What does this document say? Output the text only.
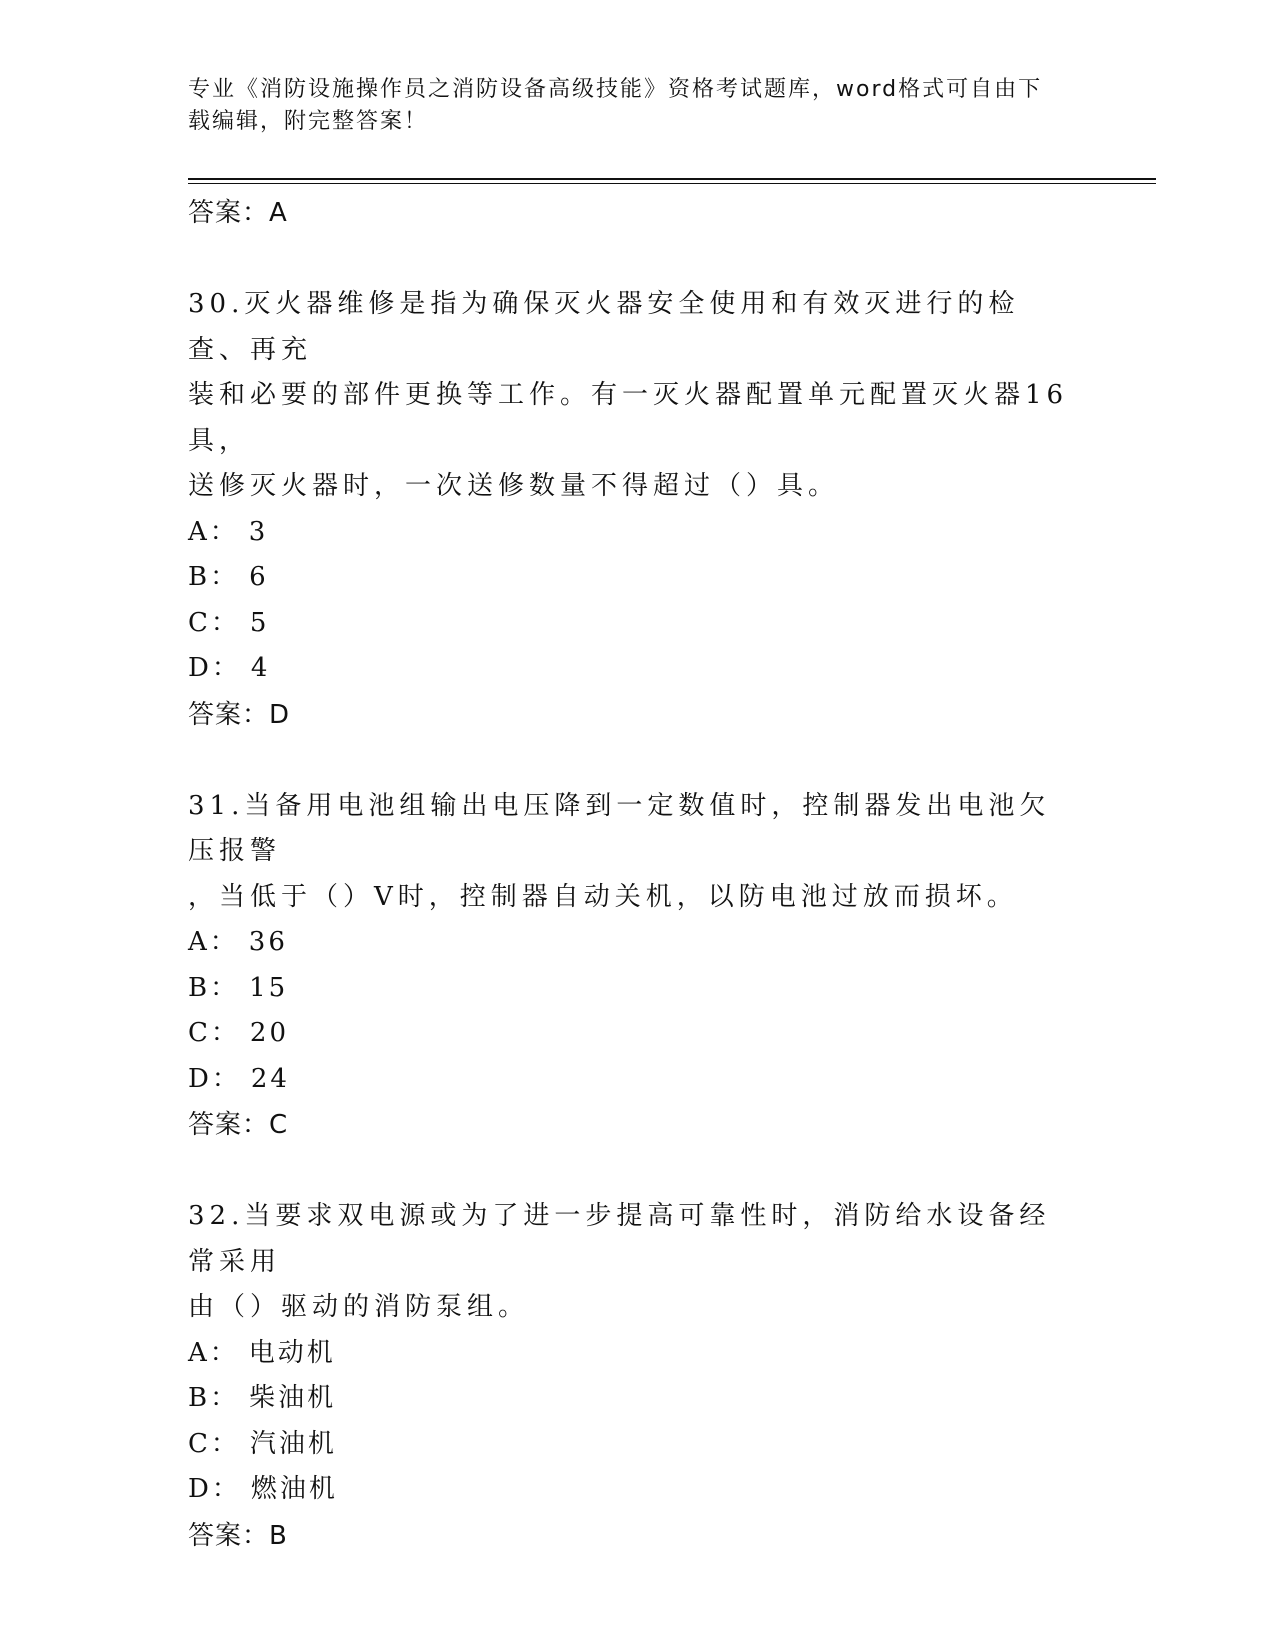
专业《消防设施操作员之消防设备高级技能》资格考试题库，word格式可自由下
载编辑，附完整答案！
答案：A
30.灭火器维修是指为确保灭火器安全使用和有效灭进行的检查、再充
装和必要的部件更换等工作。有一灭火器配置单元配置灭火器16具，
送修灭火器时，一次送修数量不得超过（）具。
A： 3
B： 6
C： 5
D： 4
答案：D
31.当备用电池组输出电压降到一定数值时，控制器发出电池欠压报警
，当低于（）V时，控制器自动关机，以防电池过放而损坏。
A： 36
B： 15
C： 20
D： 24
答案：C
32.当要求双电源或为了进一步提高可靠性时，消防给水设备经常采用
由（）驱动的消防泵组。
A： 电动机
B： 柴油机
C： 汽油机
D： 燃油机
答案：B
